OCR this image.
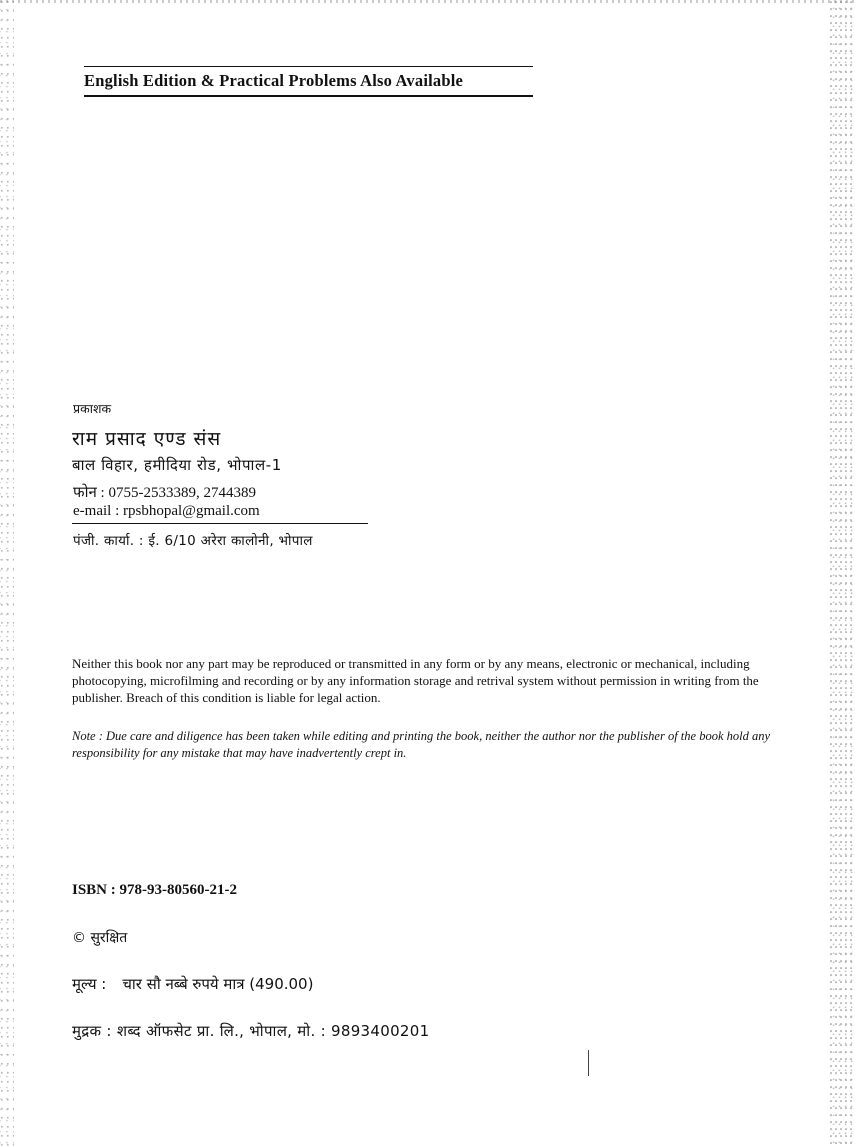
English Edition & Practical Problems Also Available
प्रकाशक
राम प्रसाद एण्ड संस
बाल विहार, हमीदिया रोड, भोपाल-1
फोन : 0755-2533389, 2744389
e-mail : rpsbhopal@gmail.com
पंजी. कार्या. : ई. 6/10 अरेरा कालोनी, भोपाल

Neither this book nor any part may be reproduced or transmitted in any form or by any means, electronic or mechanical, including photocopying, microfilming and recording or by any information storage and retrival system without permission in writing from the publisher. Breach of this condition is liable for legal action.

Note : Due care and diligence has been taken while editing and printing the book, neither the author nor the publisher of the book hold any responsibility for any mistake that may have inadvertently crept in.

ISBN : 978-93-80560-21-2
© सुरक्षित
मूल्य : चार सौ नब्बे रुपये मात्र (490.00)
मुद्रक : शब्द ऑफसेट प्रा. लि., भोपाल, मो. : 9893400201
